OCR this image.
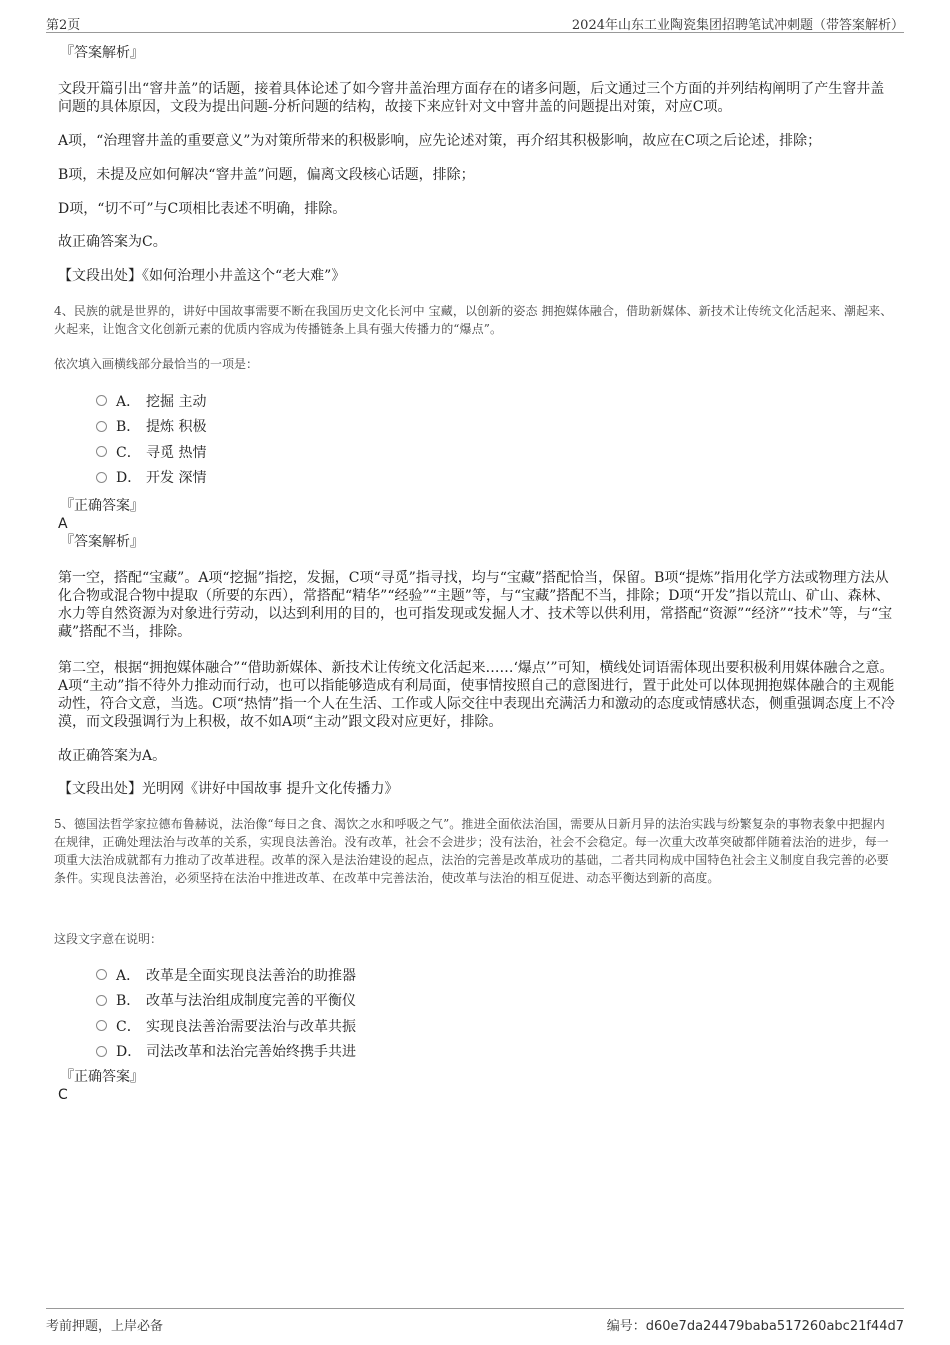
第2页	2024年山东工业陶瓷集团招聘笔试冲刺题（带答案解析）
『答案解析』
文段开篇引出“窨井盖”的话题，接着具体论述了如今窨井盖治理方面存在的诸多问题，后文通过三个方面的并列结构阐明了产生窨井盖问题的具体原因，文段为提出问题-分析问题的结构，故接下来应针对文中窨井盖的问题提出对策，对应C项。
A项，“治理窨井盖的重要意义”为对策所带来的积极影响，应先论述对策，再介绍其积极影响，故应在C项之后论述，排除；
B项，未提及应如何解决“窨井盖”问题，偏离文段核心话题，排除；
D项，“切不可”与C项相比表述不明确，排除。
故正确答案为C。
【文段出处】《如何治理小井盖这个“老大难”》
4、民族的就是世界的，讲好中国故事需要不断在我国历史文化长河中 宝藏，以创新的姿态 拥抱媒体融合，借助新媒体、新技术让传统文化活起来、潮起来、火起来，让饱含文化创新元素的优质内容成为传播链条上具有强大传播力的“爆点”。
依次填入画横线部分最恰当的一项是：
A． 挖掘 主动
B． 提炼 积极
C． 寻觅 热情
D． 开发 深情
『正确答案』
A
『答案解析』
第一空，搭配“宝藏”。A项“挖掘”指挖，发掘，C项“寻觅”指寻找，均与“宝藏”搭配恰当，保留。B项“提炼”指用化学方法或物理方法从化合物或混合物中提取（所要的东西），常搭配“精华”“经验”“主题”等，与“宝藏”搭配不当，排除；D项“开发”指以荒山、矿山、森林、水力等自然资源为对象进行劳动，以达到利用的目的，也可指发现或发掘人才、技术等以供利用，常搭配“资源”“经济”“技术”等，与“宝藏”搭配不当，排除。
第二空，根据“拥抱媒体融合”“借助新媒体、新技术让传统文化活起来……‘爆点’”可知，横线处词语需体现出要积极利用媒体融合之意。A项“主动”指不待外力推动而行动，也可以指能够造成有利局面，使事情按照自己的意图进行，置于此处可以体现拥抱媒体融合的主观能动性，符合文意，当选。C项“热情”指一个人在生活、工作或人际交往中表现出充满活力和激动的态度或情感状态，侧重强调态度上不冷漠，而文段强调行为上积极，故不如A项“主动”跟文段对应更好，排除。
故正确答案为A。
【文段出处】光明网《讲好中国故事 提升文化传播力》
5、德国法哲学家拉德布鲁赫说，法治像“每日之食、渴饮之水和呼吸之气”。推进全面依法治国，需要从日新月异的法治实践与纷繁复杂的事物表象中把握内在规律，正确处理法治与改革的关系，实现良法善治。没有改革，社会不会进步；没有法治，社会不会稳定。每一次重大改革突破都伴随着法治的进步，每一项重大法治成就都有力推动了改革进程。改革的深入是法治建设的起点，法治的完善是改革成功的基础，二者共同构成中国特色社会主义制度自我完善的必要条件。实现良法善治，必须坚持在法治中推进改革、在改革中完善法治，使改革与法治的相互促进、动态平衡达到新的高度。
这段文字意在说明：
A． 改革是全面实现良法善治的助推器
B． 改革与法治组成制度完善的平衡仪
C． 实现良法善治需要法治与改革共振
D． 司法改革和法治完善始终携手共进
『正确答案』
C
考前押题，上岸必备	编号：d60e7da24479baba517260abc21f44d7
